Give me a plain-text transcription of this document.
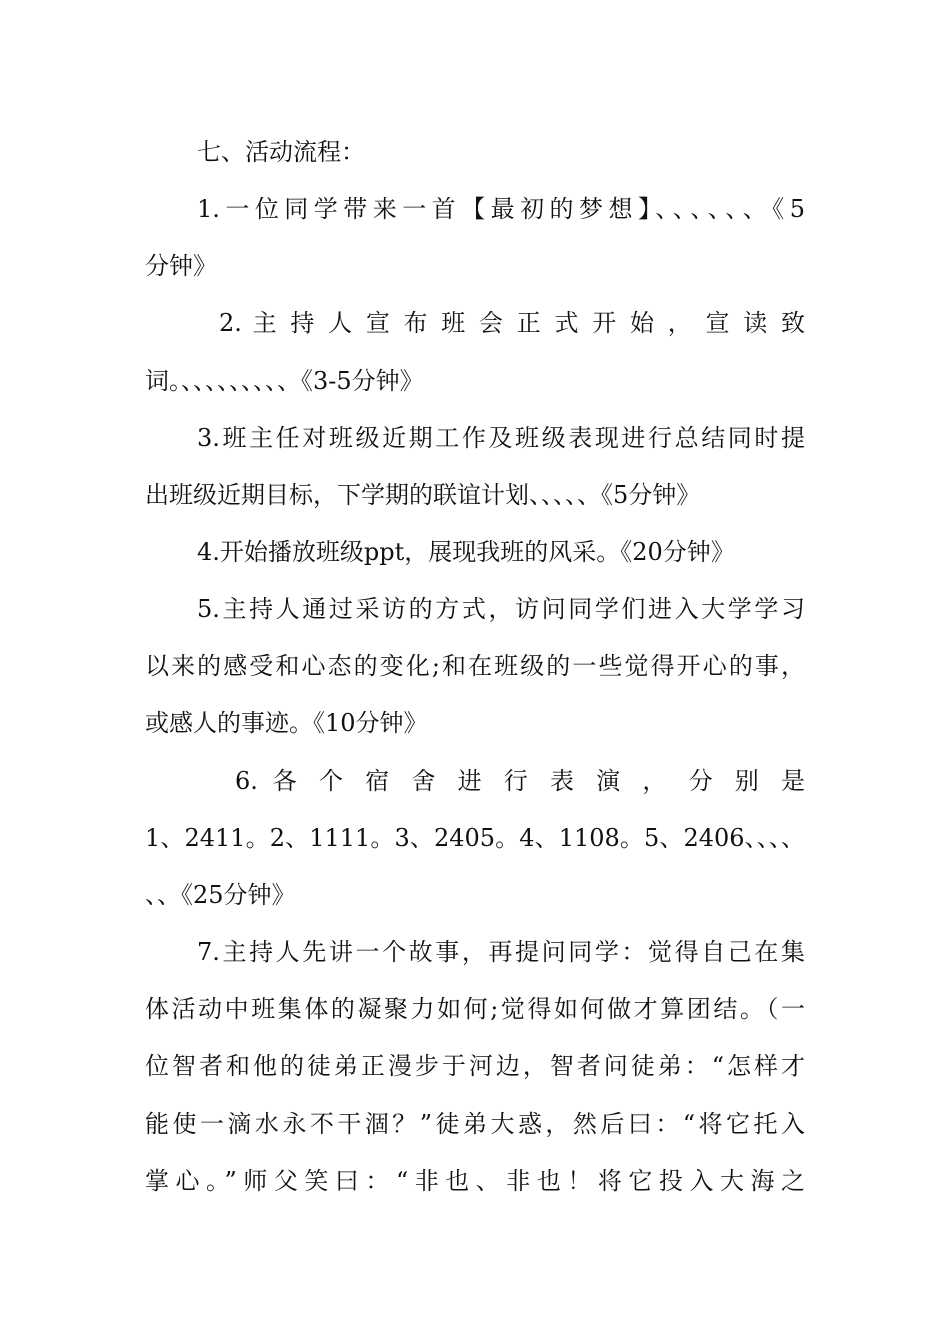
七、活动流程：
1.一位同学带来一首【最初的梦想】、、、、、、《5
分钟》
2. 主 持 人 宣 布 班 会 正 式 开 始 ， 宣 读 致
词。、、、、、、、、、《3-5分钟》
3.班主任对班级近期工作及班级表现进行总结同时提
出班级近期目标，下学期的联谊计划、、、、、《5分钟》
4.开始播放班级ppt，展现我班的风采。《20分钟》
5.主持人通过采访的方式，访问同学们进入大学学习
以来的感受和心态的变化;和在班级的一些觉得开心的事，
或感人的事迹。《10分钟》
6. 各 个 宿 舍 进 行 表 演 ， 分 别 是
1、2411。2、1111。3、2405。4、1108。5、2406、、、、
、、《25分钟》
7.主持人先讲一个故事，再提问同学：觉得自己在集
体活动中班集体的凝聚力如何;觉得如何做才算团结。（一
位智者和他的徒弟正漫步于河边，智者问徒弟：“怎样才
能使一滴水永不干涸？”徒弟大惑，然后曰：“将它托入
掌心。”师父笑曰：“非也、非也！将它投入大海之
